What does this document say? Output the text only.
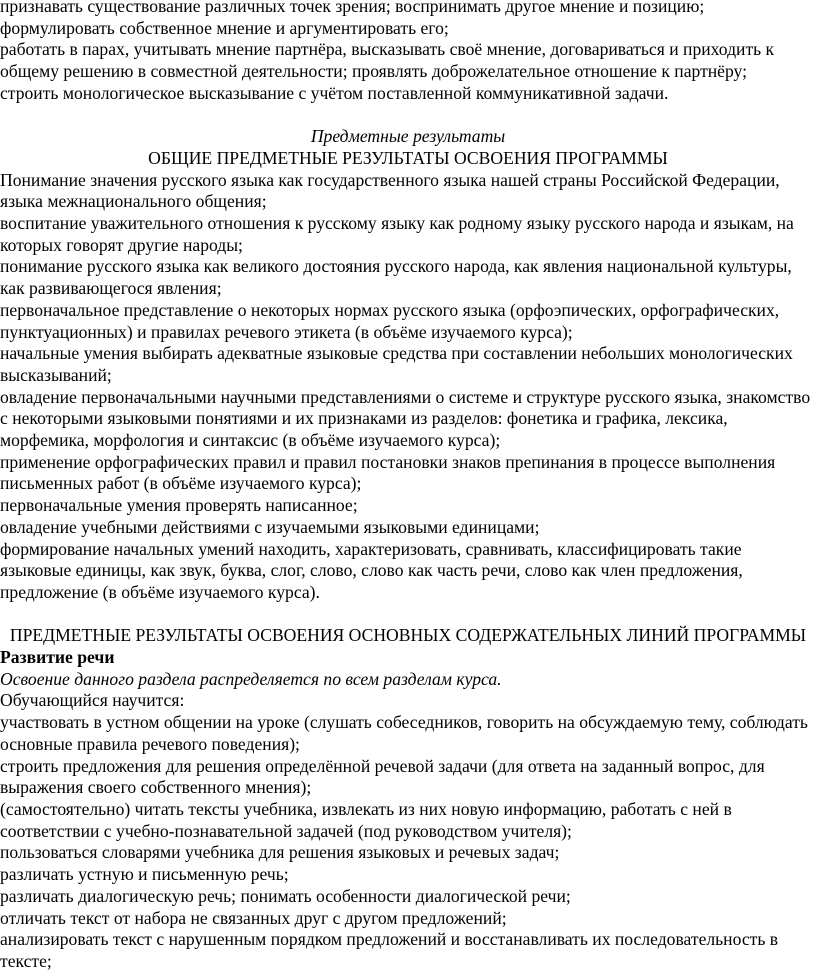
признавать существование различных точек зрения; воспринимать другое мнение и позицию;

формулировать собственное мнение и аргументировать его;

работать в парах, учитывать мнение партнёра, высказывать своё мнение, договариваться и приходить к общему решению в совместной деятельности; проявлять доброжелательное отношение к партнёру;

строить монологическое высказывание с учётом поставленной коммуникативной задачи.

Предметные результаты

ОБЩИЕ ПРЕДМЕТНЫЕ РЕЗУЛЬТАТЫ ОСВОЕНИЯ ПРОГРАММЫ

Понимание значения русского языка как государственного языка нашей страны Российской Федерации, языка межнационального общения;

воспитание уважительного отношения к русскому языку как родному языку русского народа и языкам, на которых говорят другие народы;

понимание русского языка как великого достояния русского народа, как явления национальной культуры, как развивающегося явления;

первоначальное представление о некоторых нормах русского языка (орфоэпических, орфографических, пунктуационных) и правилах речевого этикета (в объёме изучаемого курса);

начальные умения выбирать адекватные языковые средства при составлении небольших монологических высказываний;

овладение первоначальными научными представлениями о системе и структуре русского языка, знакомство с некоторыми языковыми понятиями и их признаками из разделов: фонетика и графика, лексика, морфемика, морфология и синтаксис (в объёме изучаемого курса);

применение орфографических правил и правил постановки знаков препинания в процессе выполнения письменных работ (в объёме изучаемого курса);

первоначальные умения проверять написанное;

овладение учебными действиями с изучаемыми языковыми единицами;

формирование начальных умений находить, характеризовать, сравнивать, классифицировать такие языковые единицы, как звук, буква, слог, слово, слово как часть речи, слово как член предложения, предложение (в объёме изучаемого курса).

ПРЕДМЕТНЫЕ РЕЗУЛЬТАТЫ ОСВОЕНИЯ ОСНОВНЫХ СОДЕРЖАТЕЛЬНЫХ ЛИНИЙ ПРОГРАММЫ

Развитие речи

Освоение данного раздела распределяется по всем разделам курса.

Обучающийся научится:

участвовать в устном общении на уроке (слушать собеседников, говорить на обсуждаемую тему, соблюдать основные правила речевого поведения);

строить предложения для решения определённой речевой задачи (для ответа на заданный вопрос, для выражения своего собственного мнения);

(самостоятельно) читать тексты учебника, извлекать из них новую информацию, работать с ней в соответствии с учебно-познавательной задачей (под руководством учителя);

пользоваться словарями учебника для решения языковых и речевых задач;

различать устную и письменную речь;

различать диалогическую речь; понимать особенности диалогической речи;

отличать текст от набора не связанных друг с другом предложений;

анализировать текст с нарушенным порядком предложений и восстанавливать их последовательность в тексте;
